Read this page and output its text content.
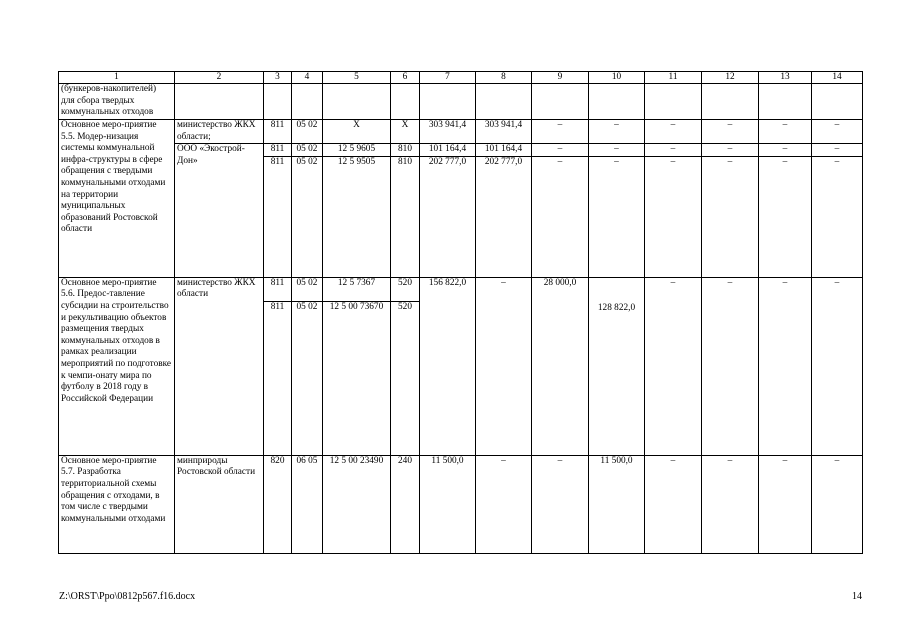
1	2	3	4	5	6	7	8	9	10	11	12	13	14
(бункеров-накопителей) для сбора твердых коммунальных отходов													
Основное меро-приятие 5.5. Модер-низация системы коммунальной инфра-структуры в сфере обращения с твердыми коммунальными отходами на территории муниципальных образований Ростовской области	министерство ЖКХ области;	811	05 02	Х	Х	303 941,4	303 941,4	–	–	–	–	–	–
	ООО «Экострой-Дон»	811	05 02	12 5 9605	810	101 164,4	101 164,4	–	–	–	–	–	–
		811	05 02	12 5 9505	810	202 777,0	202 777,0	–	–	–	–	–	–
Основное меро-приятие 5.6. Предос-тавление субсидии на строительство и рекультивацию объектов размещения твердых коммунальных отходов в рамках реализации мероприятий по подготовке к чемпи-онату мира по футболу в 2018 году в Российской Федерации	министерство ЖКХ области	811	05 02	12 5 7367	520	156 822,0	–	28 000,0	128 822,0	–	–	–	–
		811	05 02	12 5 00 73670	520								
Основное меро-приятие 5.7. Разработка территориальной схемы обращения с отходами, в том числе с твердыми коммунальными отходами	минприроды Ростовской области	820	06 05	12 5 00 23490	240	11 500,0	–	–	11 500,0	–	–	–	–
Z:\ORST\Ppo\0812p567.f16.docx	14
